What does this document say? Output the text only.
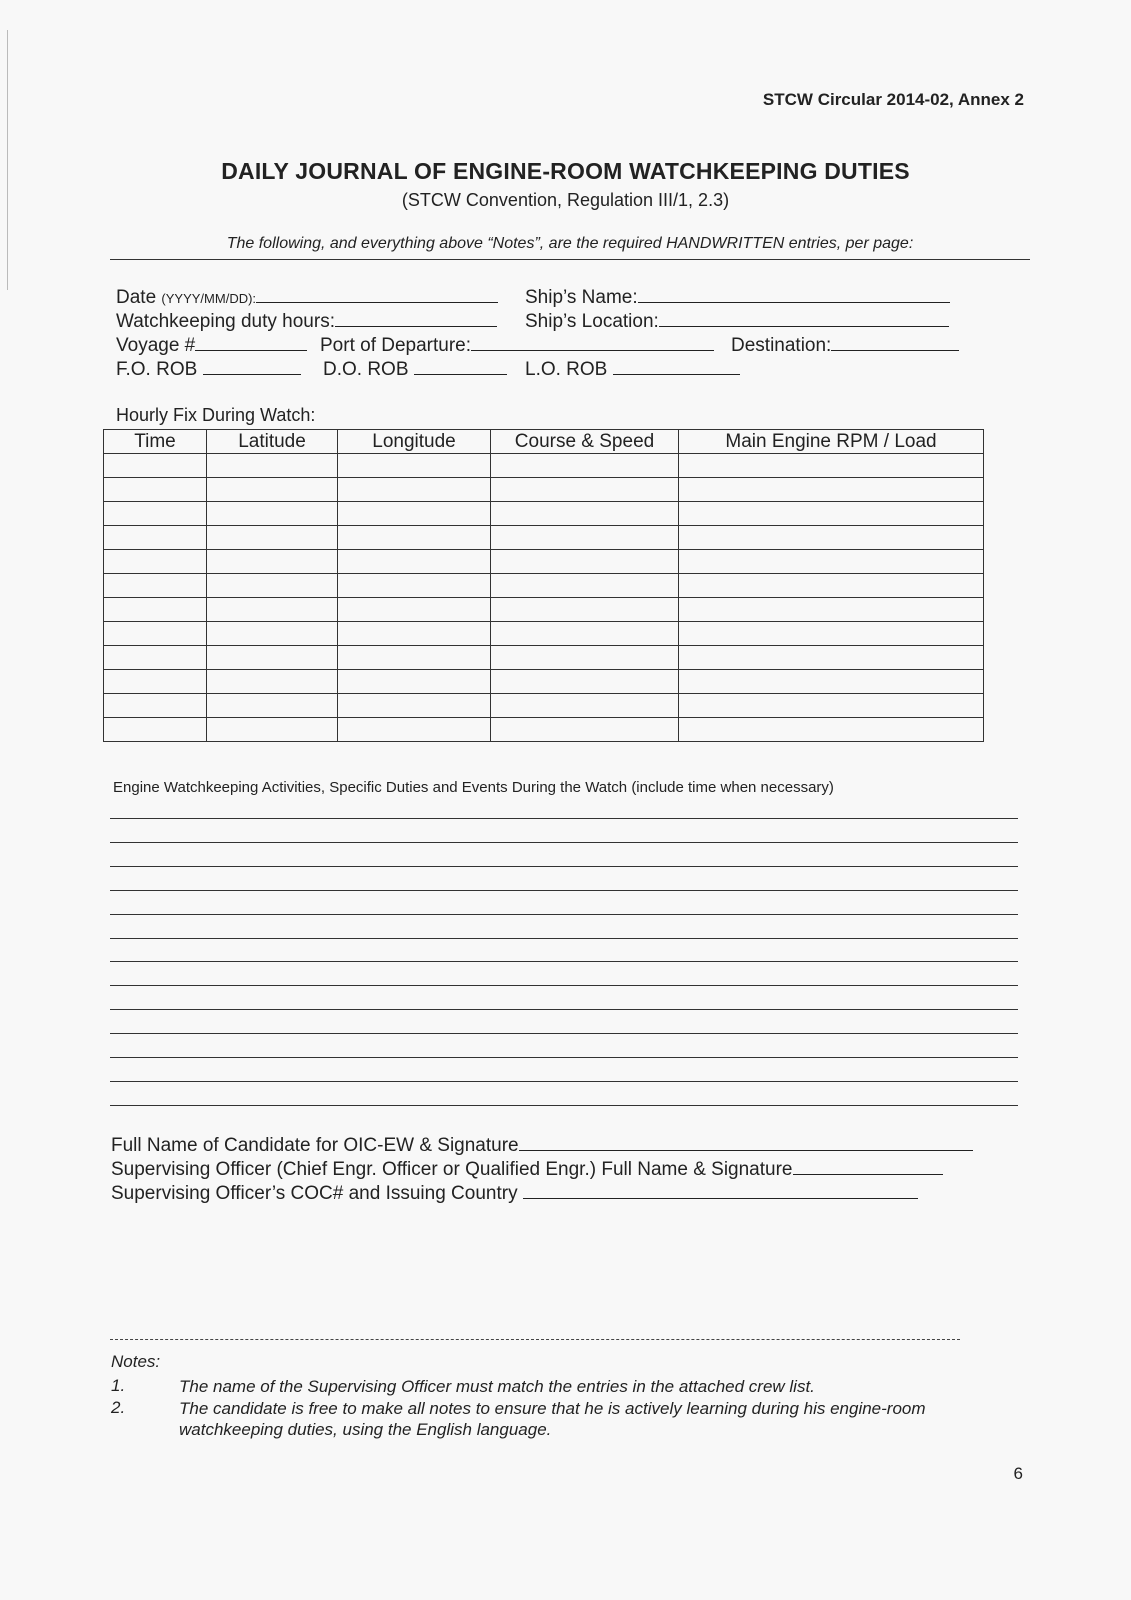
STCW Circular 2014-02, Annex 2
DAILY JOURNAL OF ENGINE-ROOM WATCHKEEPING DUTIES
(STCW Convention, Regulation III/1, 2.3)
The following, and everything above “Notes”, are the required HANDWRITTEN entries, per page:
Date (YYYY/MM/DD):	Ship’s Name:
Watchkeeping duty hours:	Ship’s Location:
Voyage #	Port of Departure:	Destination:
F.O. ROB	D.O. ROB	L.O. ROB
Hourly Fix During Watch:
Time	Latitude	Longitude	Course & Speed	Main Engine RPM / Load

Engine Watchkeeping Activities, Specific Duties and Events During the Watch (include time when necessary)
Full Name of Candidate for OIC-EW & Signature
Supervising Officer (Chief Engr. Officer or Qualified Engr.) Full Name & Signature
Supervising Officer’s COC# and Issuing Country
Notes:
1.	The name of the Supervising Officer must match the entries in the attached crew list.
2.	The candidate is free to make all notes to ensure that he is actively learning during his engine-room watchkeeping duties, using the English language.
6
